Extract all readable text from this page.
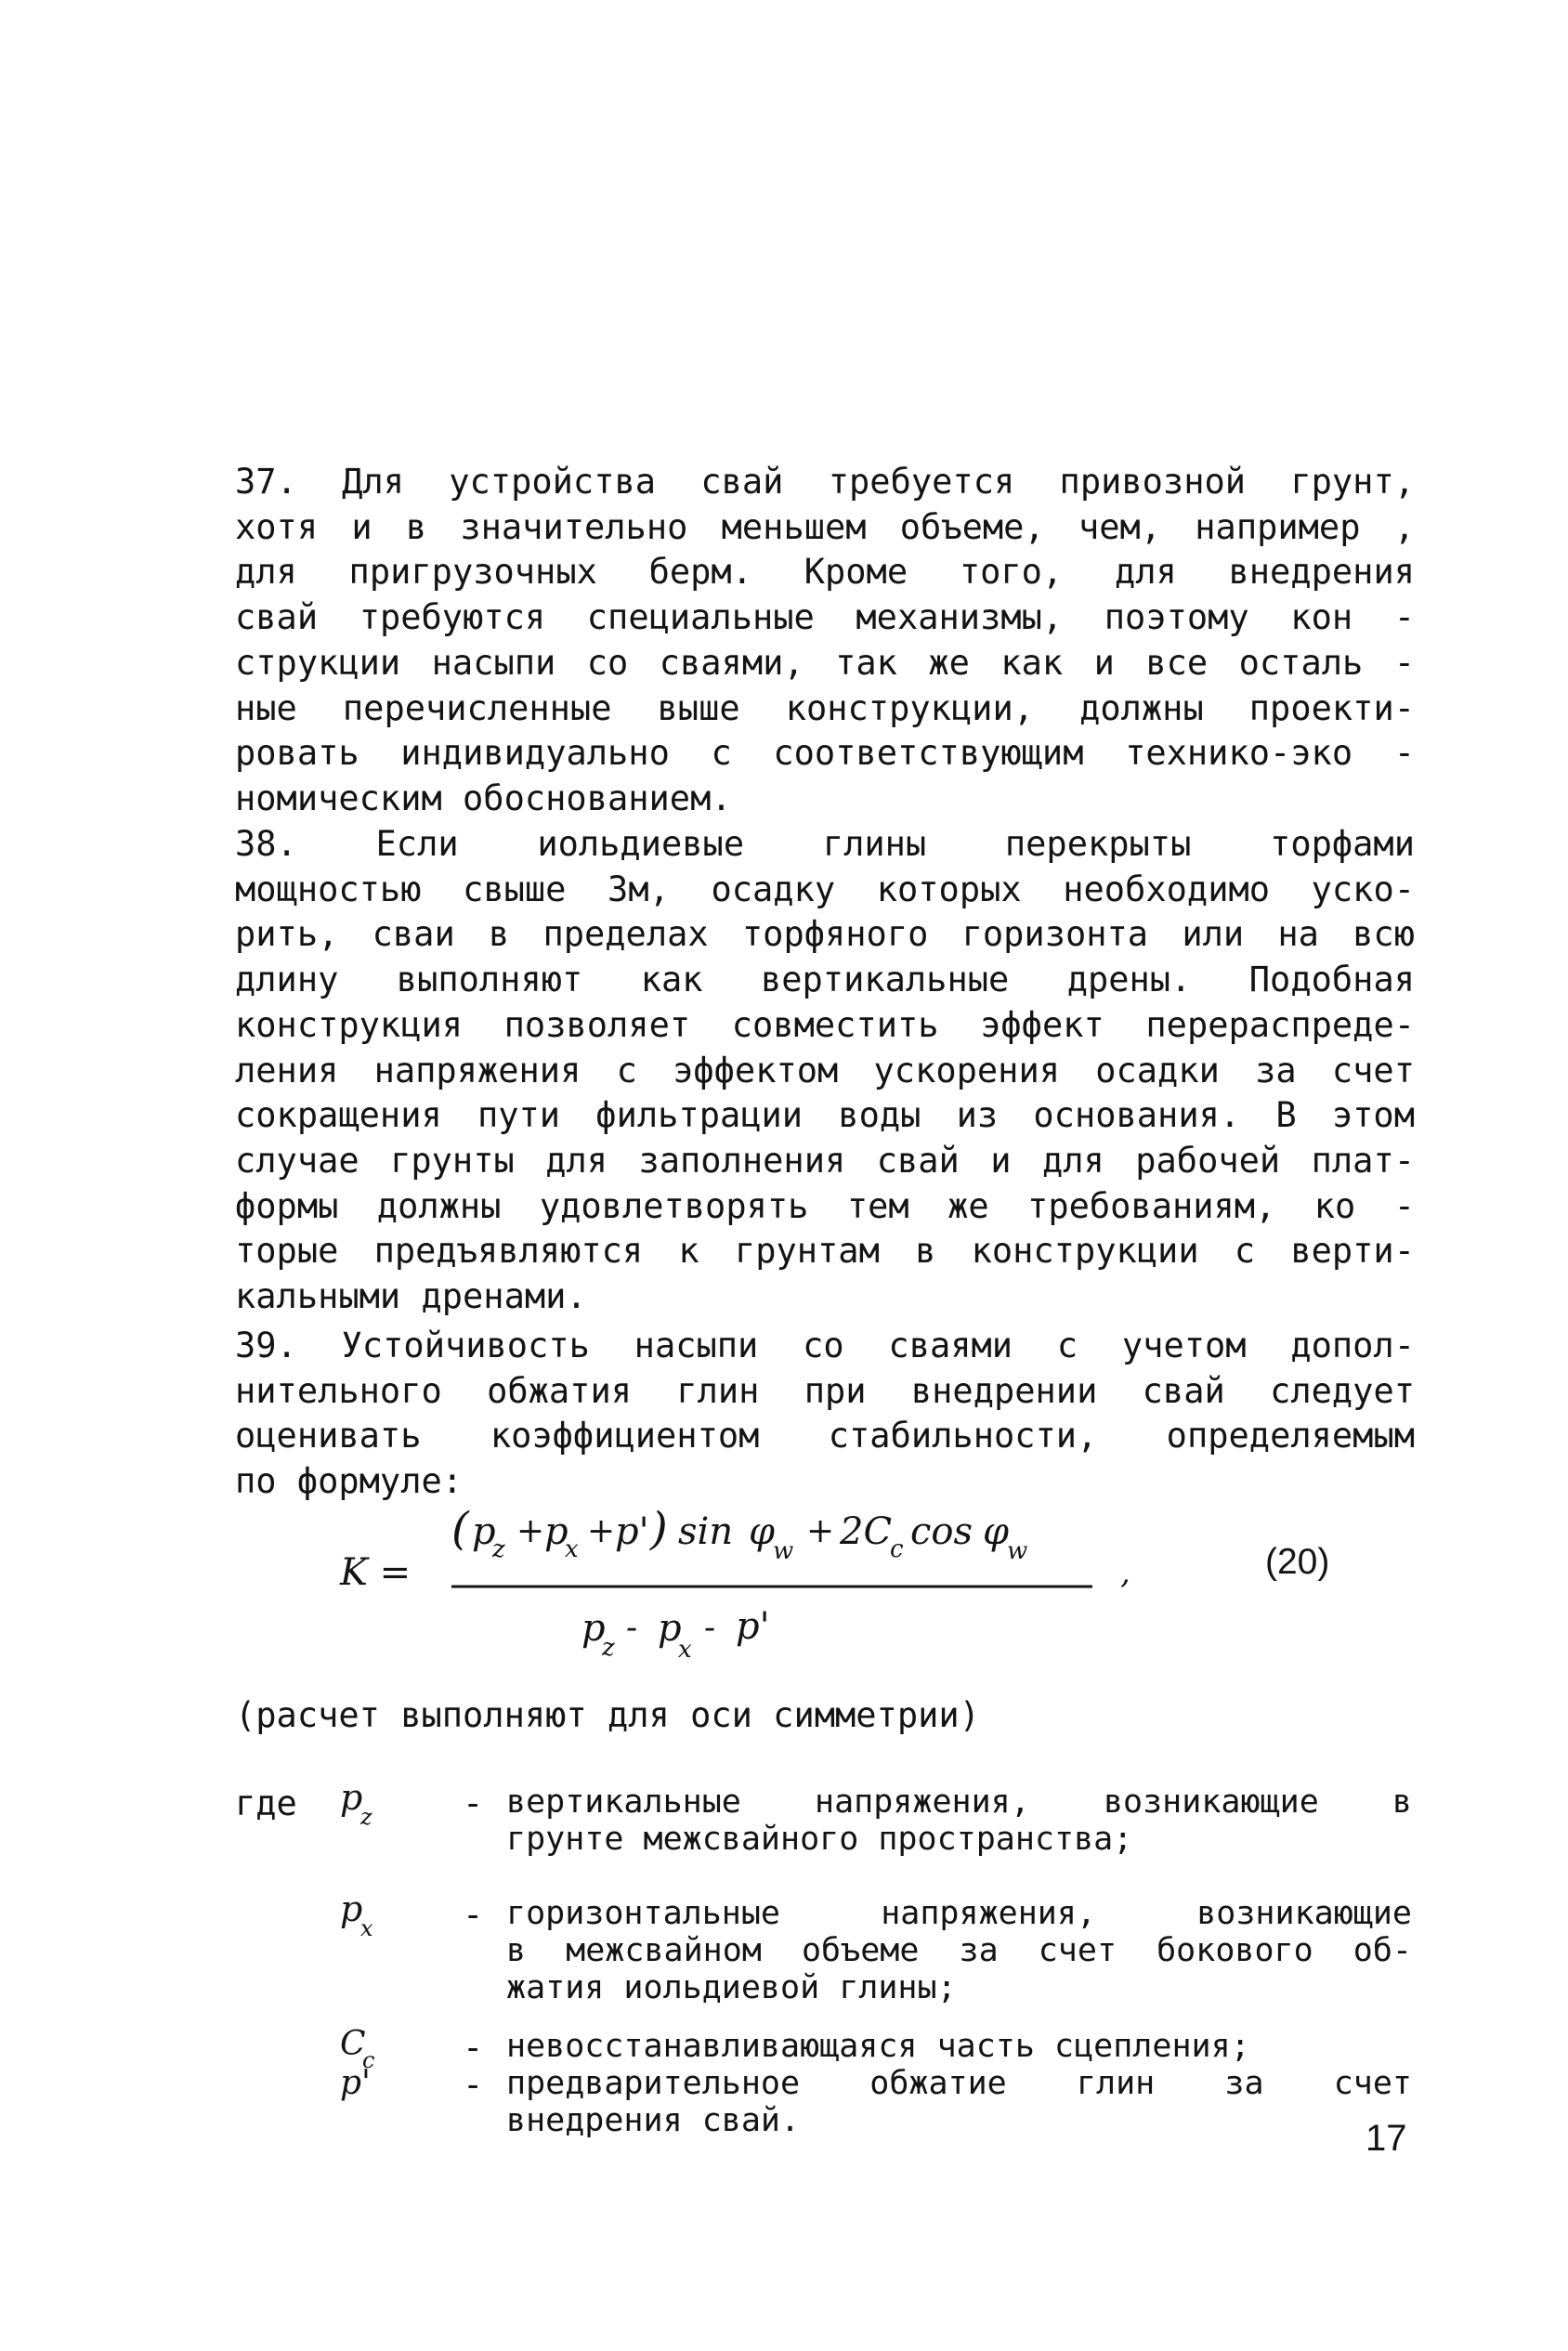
37. Для устройства свай требуется привозной грунт,
хотя и в значительно меньшем объеме, чем, например ,
для пригрузочных берм. Кроме того, для внедрения
свай требуются специальные механизмы, поэтому кон -
струкции насыпи со сваями, так же как и все осталь -
ные перечисленные выше конструкции, должны проекти-
ровать индивидуально с соответствующим технико-эко -
номическим обоснованием.
38. Если иольдиевые глины перекрыты торфами
мощностью свыше 3м, осадку которых необходимо уско-
рить, сваи в пределах торфяного горизонта или на всю
длину выполняют как вертикальные дрены. Подобная
конструкция позволяет совместить эффект перераспреде-
ления напряжения с эффектом ускорения осадки за счет
сокращения пути фильтрации воды из основания. В этом
случае грунты для заполнения свай и для рабочей плат-
формы должны удовлетворять тем же требованиям, ко -
торые предъявляются к грунтам в конструкции с верти-
кальными дренами.
39. Устойчивость насыпи со сваями с учетом допол-
нительного обжатия глин при внедрении свай следует
оценивать коэффициентом стабильности, определяемым
по формуле:
K =
( p
z + p
x + p' ) sin φ
w
+ 2C
c cos φ
w
,
p
z
- p
x
- p'
(20)
(расчет выполняют для оси симметрии)
где p
z	- вертикальные напряжения, возникающие в
грунте межсвайного пространства;
p
x	- горизонтальные напряжения, возникающие
в межсвайном объеме за счет бокового об-
жатия иольдиевой глины;
C
c	- невосстанавливающаяся часть сцепления;
p'	- предварительное обжатие глин за счет
внедрения свай.	17
